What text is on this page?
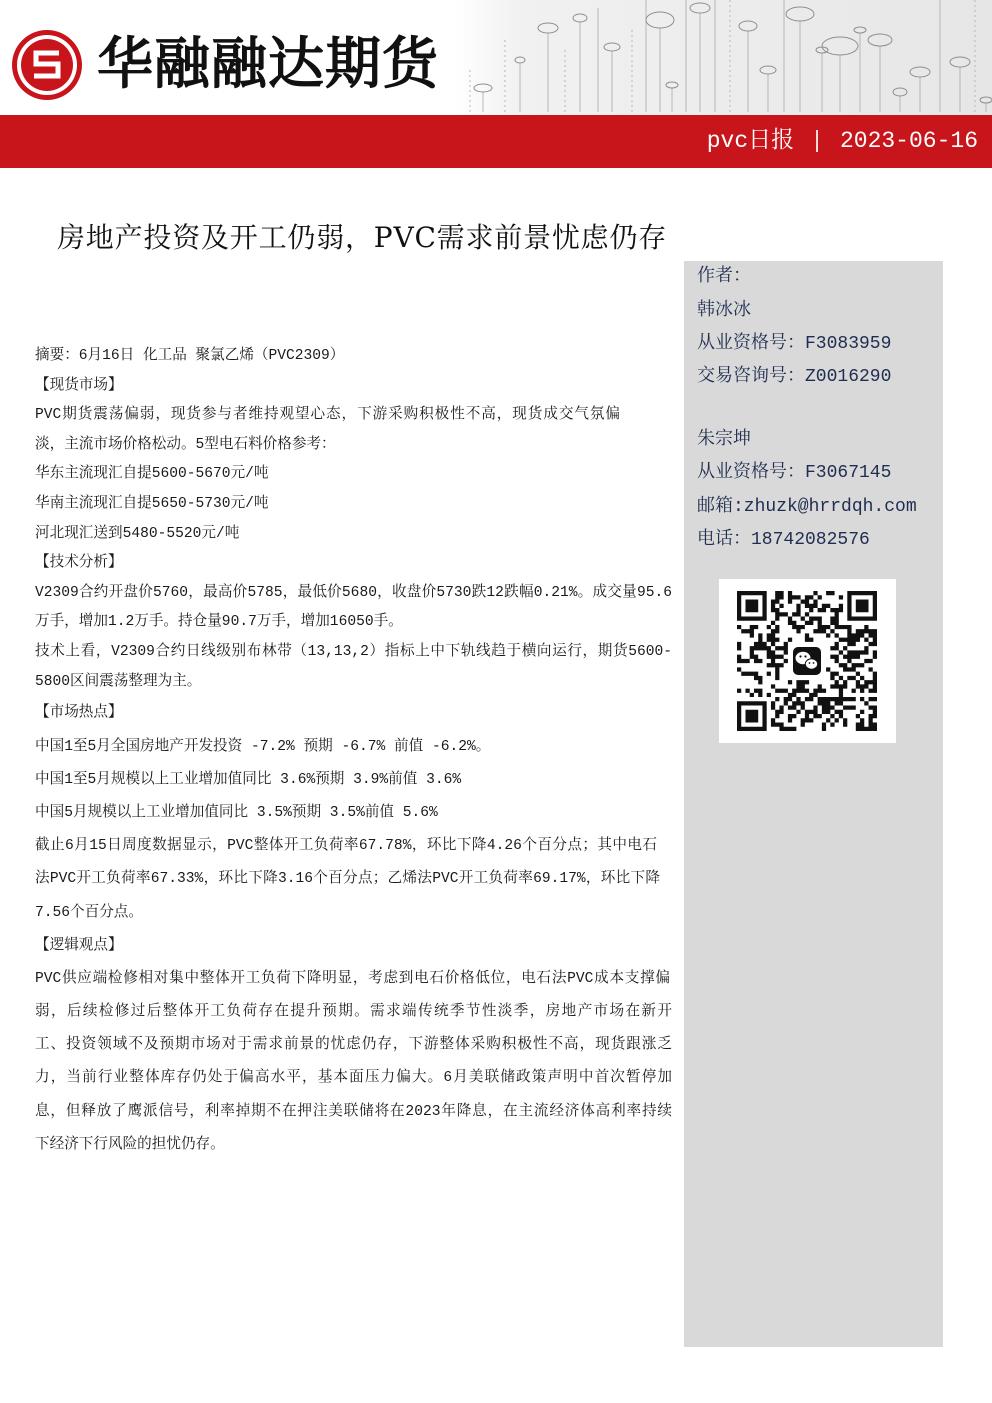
华融融达期货
pvc日报 | 2023-06-16
房地产投资及开工仍弱，PVC需求前景忧虑仍存
摘要：6月16日 化工品 聚氯乙烯（PVC2309）
【现货市场】
PVC期货震荡偏弱，现货参与者维持观望心态，下游采购积极性不高，现货成交气氛偏
淡，主流市场价格松动。5型电石料价格参考：
华东主流现汇自提5600-5670元/吨
华南主流现汇自提5650-5730元/吨
河北现汇送到5480-5520元/吨
【技术分析】
V2309合约开盘价5760，最高价5785，最低价5680，收盘价5730跌12跌幅0.21%。成交量95.6
万手，增加1.2万手。持仓量90.7万手，增加16050手。
技术上看，V2309合约日线级别布林带（13,13,2）指标上中下轨线趋于横向运行，期货5600-
5800区间震荡整理为主。
【市场热点】
中国1至5月全国房地产开发投资 -7.2% 预期 -6.7% 前值 -6.2%。
中国1至5月规模以上工业增加值同比 3.6%预期 3.9%前值 3.6%
中国5月规模以上工业增加值同比 3.5%预期 3.5%前值 5.6%
截止6月15日周度数据显示，PVC整体开工负荷率67.78%，环比下降4.26个百分点；其中电石
法PVC开工负荷率67.33%，环比下降3.16个百分点；乙烯法PVC开工负荷率69.17%，环比下降
7.56个百分点。
【逻辑观点】
PVC供应端检修相对集中整体开工负荷下降明显，考虑到电石价格低位，电石法PVC成本支撑偏
弱，后续检修过后整体开工负荷存在提升预期。需求端传统季节性淡季，房地产市场在新开
工、投资领域不及预期市场对于需求前景的忧虑仍存，下游整体采购积极性不高，现货跟涨乏
力，当前行业整体库存仍处于偏高水平，基本面压力偏大。6月美联储政策声明中首次暂停加
息，但释放了鹰派信号，利率掉期不在押注美联储将在2023年降息，在主流经济体高利率持续
下经济下行风险的担忧仍存。
作者：
韩冰冰
从业资格号：F3083959
交易咨询号：Z0016290
朱宗坤
从业资格号：F3067145
邮箱:zhuzk@hrrdqh.com
电话：18742082576
